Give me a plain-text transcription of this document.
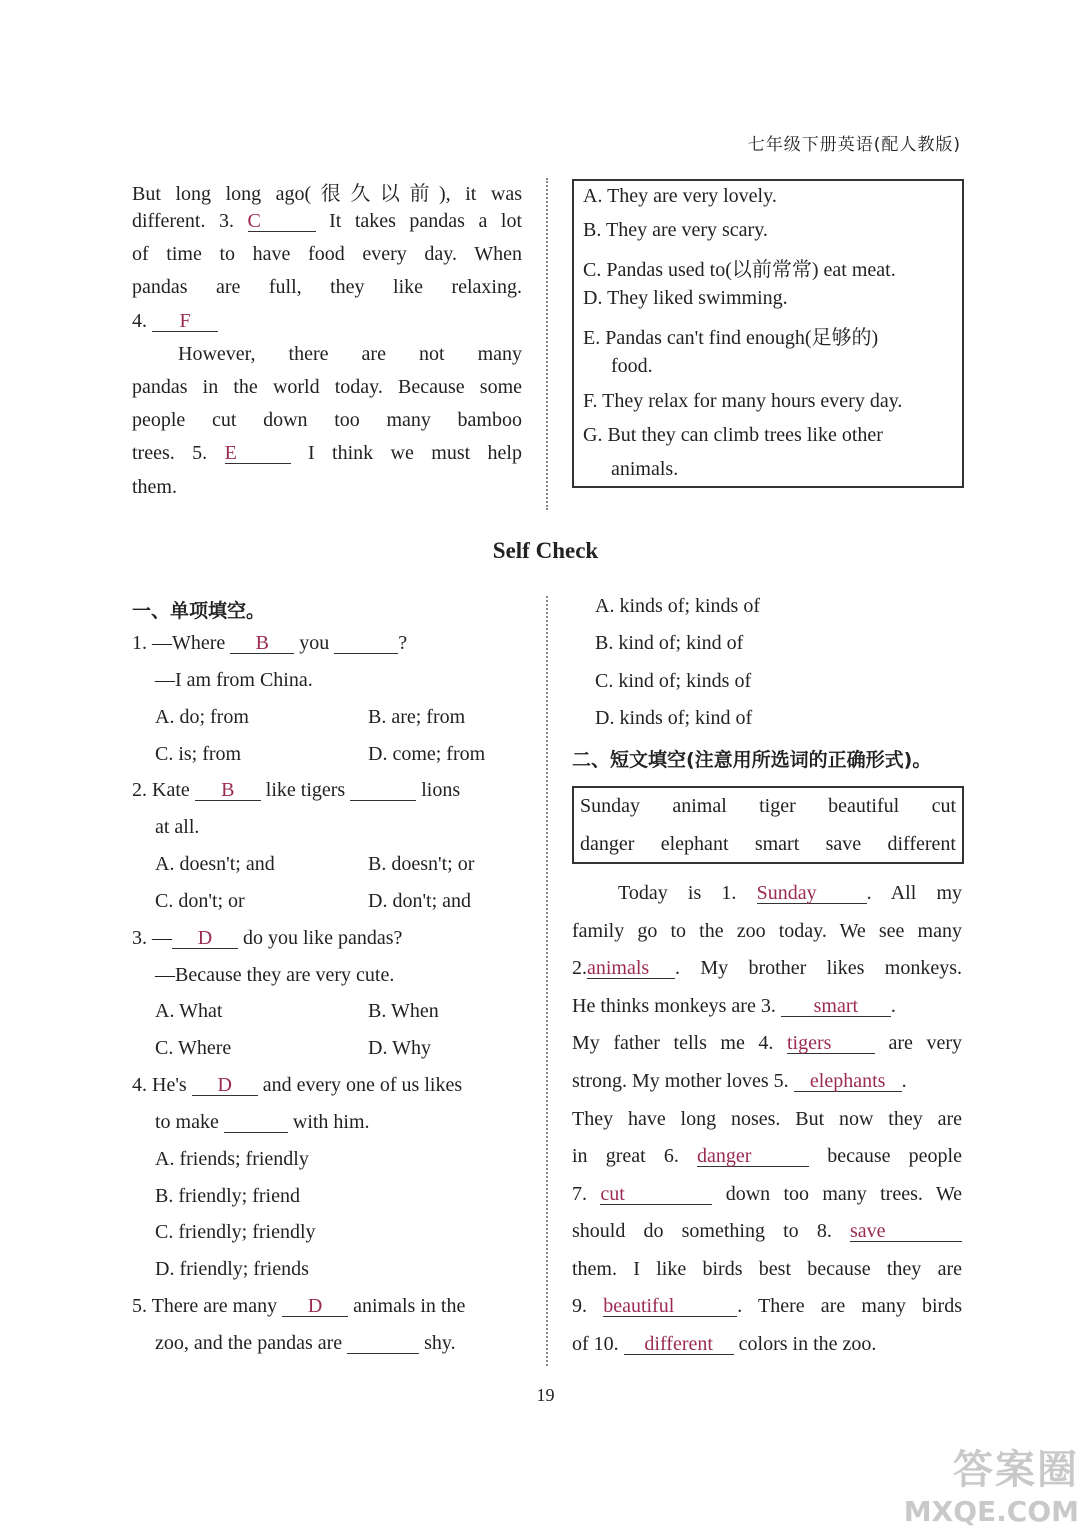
七年级下册英语(配人教版)
But long long ago(很久以前), it was
different. 3. C	It takes pandas a lot
of time to have food every day. When
pandas are full, they like relaxing.
4. F
However, there are not many
pandas in the world today. Because some
people cut down too many bamboo
trees. 5. E	I think we must help
them.
A. They are very lovely.
B. They are very scary.
C. Pandas used to(以前常常) eat meat.
D. They liked swimming.
E. Pandas can't find enough(足够的)
food.
F. They relax for many hours every day.
G. But they can climb trees like other
animals.
Self Check
一、单项填空。
1. —Where B you	?
—I am from China.
A. do; from	B. are; from
C. is; from	D. come; from
2. Kate B like tigers	lions
at all.
A. doesn't; and	B. doesn't; or
C. don't; or	D. don't; and
3. — D do you like pandas?
—Because they are very cute.
A. What	B. When
C. Where	D. Why
4. He's D and every one of us likes
to make	with him.
A. friends; friendly
B. friendly; friend
C. friendly; friendly
D. friendly; friends
5. There are many D animals in the
zoo, and the pandas are	shy.
A. kinds of; kinds of
B. kind of; kind of
C. kind of; kinds of
D. kinds of; kind of
二、短文填空(注意用所选词的正确形式)。
Sunday animal tiger beautiful cut
danger elephant smart save different
Today is 1. Sunday	. All my
family go to the zoo today. We see many
2.animals . My brother likes monkeys.
He thinks monkeys are 3. smart .
My father tells me 4. tigers	are very
strong. My mother loves 5. elephants .
They have long noses. But now they are
in great 6. danger	because people
7. cut	down too many trees. We
should do something to 8. save
them. I like birds best because they are
9. beautiful	. There are many birds
of 10. different colors in the zoo.
19
答案圈
MXQE.COM
